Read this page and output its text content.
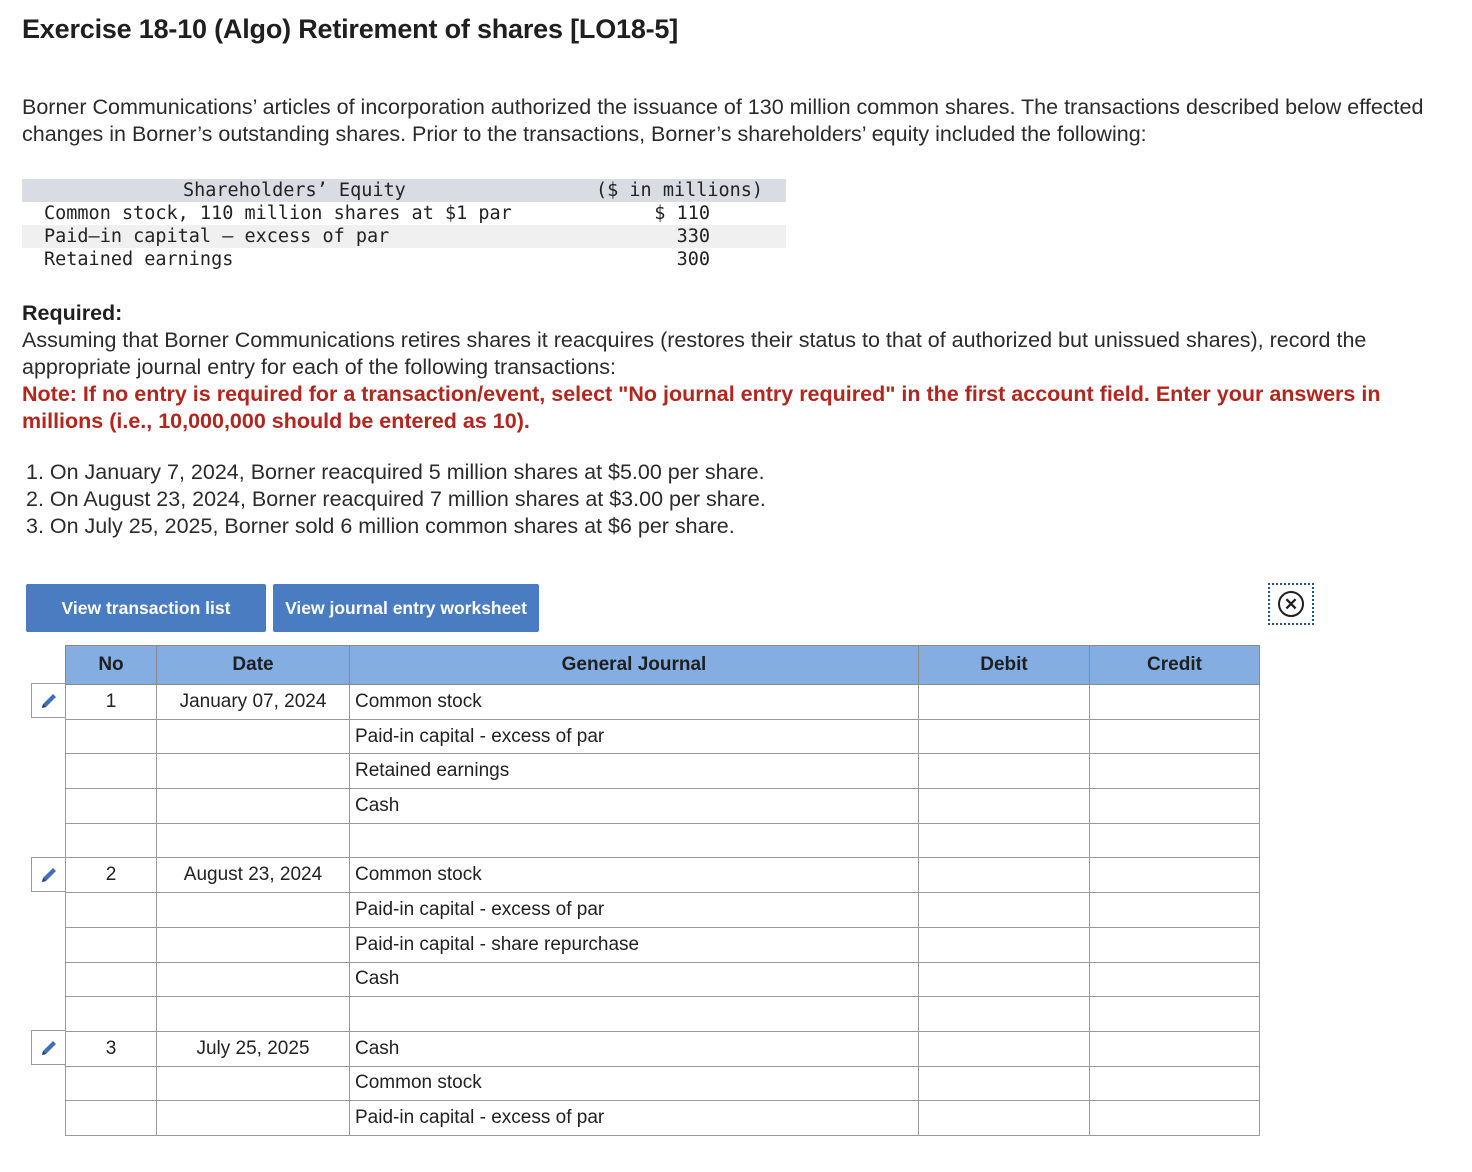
Exercise 18-10 (Algo) Retirement of shares [LO18-5]
Borner Communications’ articles of incorporation authorized the issuance of 130 million common shares. The transactions described below effected changes in Borner’s outstanding shares. Prior to the transactions, Borner’s shareholders’ equity included the following:
Shareholders’ Equity	($ in millions)
Common stock, 110 million shares at $1 par	$ 110
Paid–in capital – excess of par	330
Retained earnings	300
Required:
Assuming that Borner Communications retires shares it reacquires (restores their status to that of authorized but unissued shares), record the appropriate journal entry for each of the following transactions:
Note: If no entry is required for a transaction/event, select "No journal entry required" in the first account field. Enter your answers in millions (i.e., 10,000,000 should be entered as 10).
1. On January 7, 2024, Borner reacquired 5 million shares at $5.00 per share.
2. On August 23, 2024, Borner reacquired 7 million shares at $3.00 per share.
3. On July 25, 2025, Borner sold 6 million common shares at $6 per share.
View transaction list	View journal entry worksheet	✕
No	Date	General Journal	Debit	Credit
1	January 07, 2024	Common stock		
		Paid-in capital - excess of par		
		Retained earnings		
		Cash		

2	August 23, 2024	Common stock		
		Paid-in capital - excess of par		
		Paid-in capital - share repurchase		
		Cash		

3	July 25, 2025	Cash		
		Common stock		
		Paid-in capital - excess of par		
